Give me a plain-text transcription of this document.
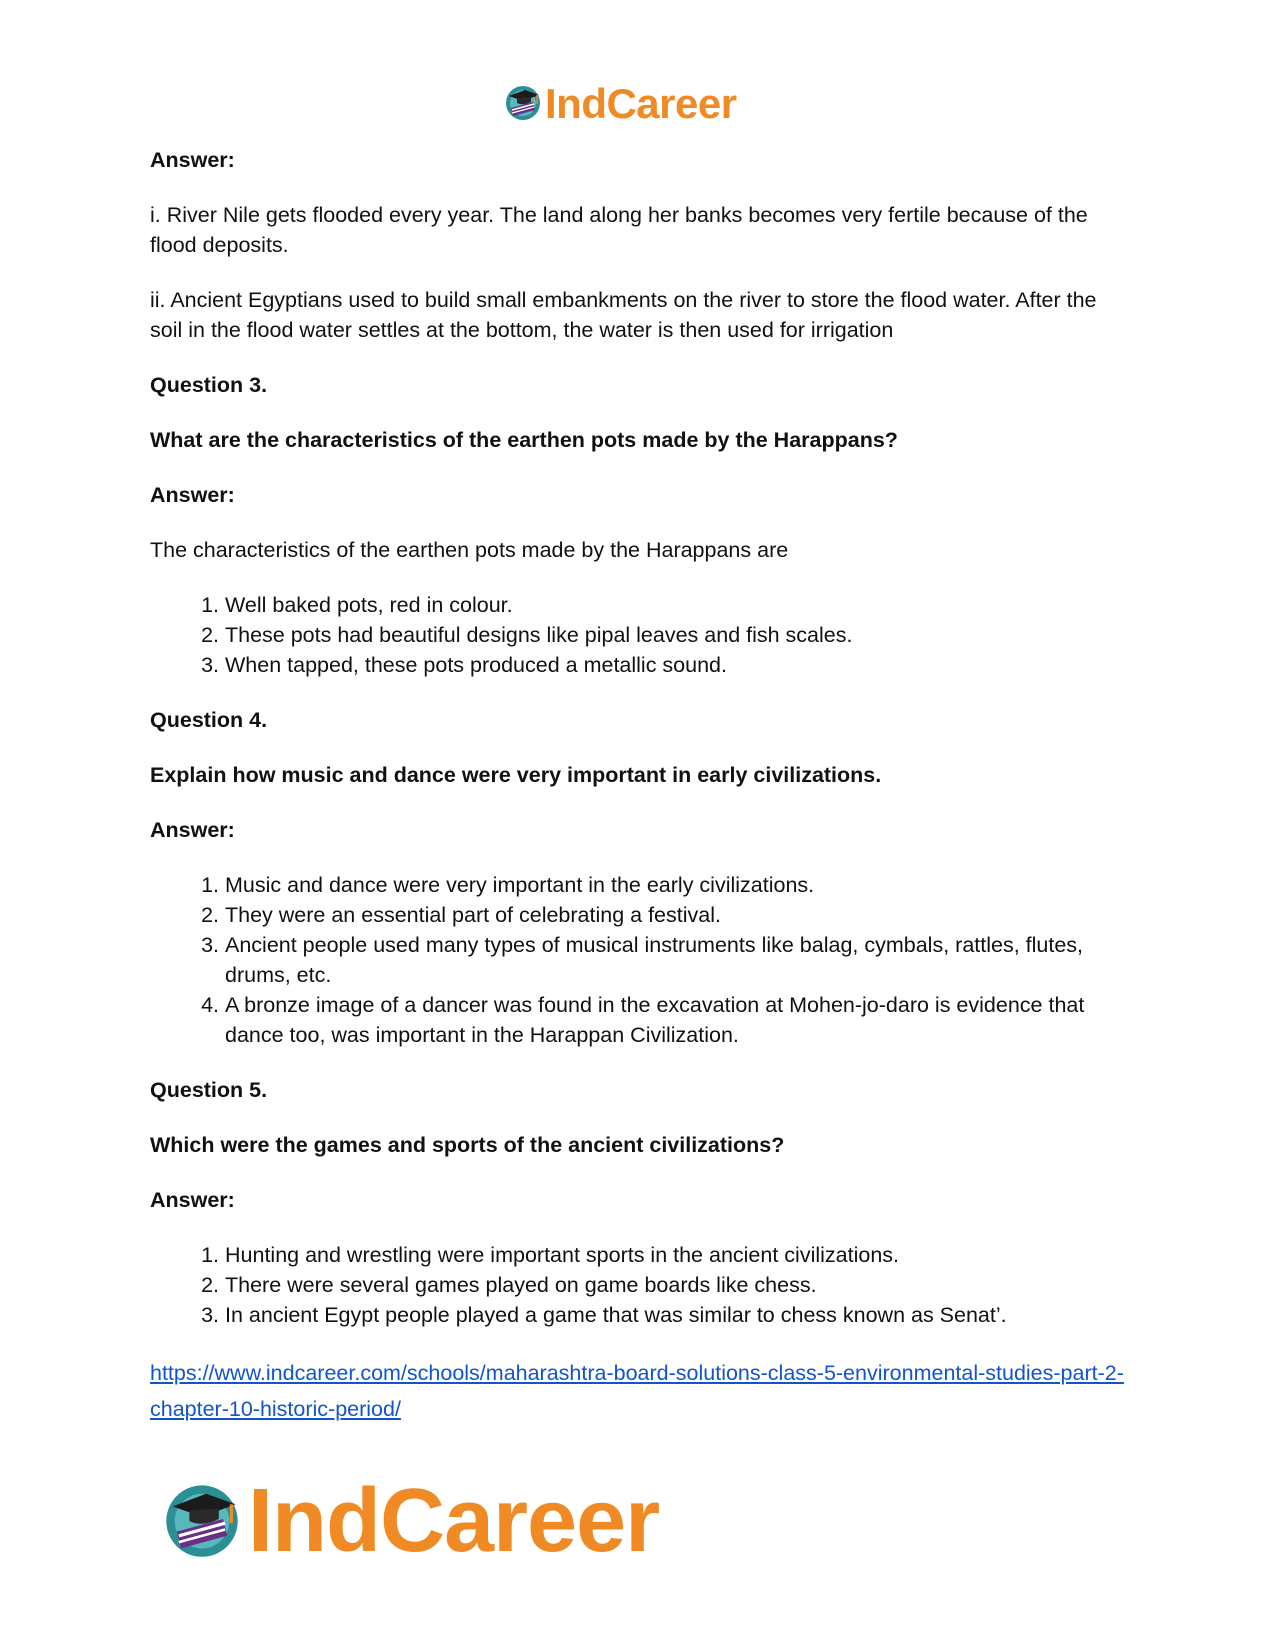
IndCareer

Answer:

i. River Nile gets flooded every year. The land along her banks becomes very fertile because of the flood deposits.

ii. Ancient Egyptians used to build small embankments on the river to store the flood water. After the soil in the flood water settles at the bottom, the water is then used for irrigation

Question 3.

What are the characteristics of the earthen pots made by the Harappans?

Answer:

The characteristics of the earthen pots made by the Harappans are

1. Well baked pots, red in colour.
2. These pots had beautiful designs like pipal leaves and fish scales.
3. When tapped, these pots produced a metallic sound.

Question 4.

Explain how music and dance were very important in early civilizations.

Answer:

1. Music and dance were very important in the early civilizations.
2. They were an essential part of celebrating a festival.
3. Ancient people used many types of musical instruments like balag, cymbals, rattles, flutes, drums, etc.
4. A bronze image of a dancer was found in the excavation at Mohen-jo-daro is evidence that dance too, was important in the Harappan Civilization.

Question 5.

Which were the games and sports of the ancient civilizations?

Answer:

1. Hunting and wrestling were important sports in the ancient civilizations.
2. There were several games played on game boards like chess.
3. In ancient Egypt people played a game that was similar to chess known as Senat’.
https://www.indcareer.com/schools/maharashtra-board-solutions-class-5-environmental-studies-part-2-chapter-10-historic-period/
IndCareer
